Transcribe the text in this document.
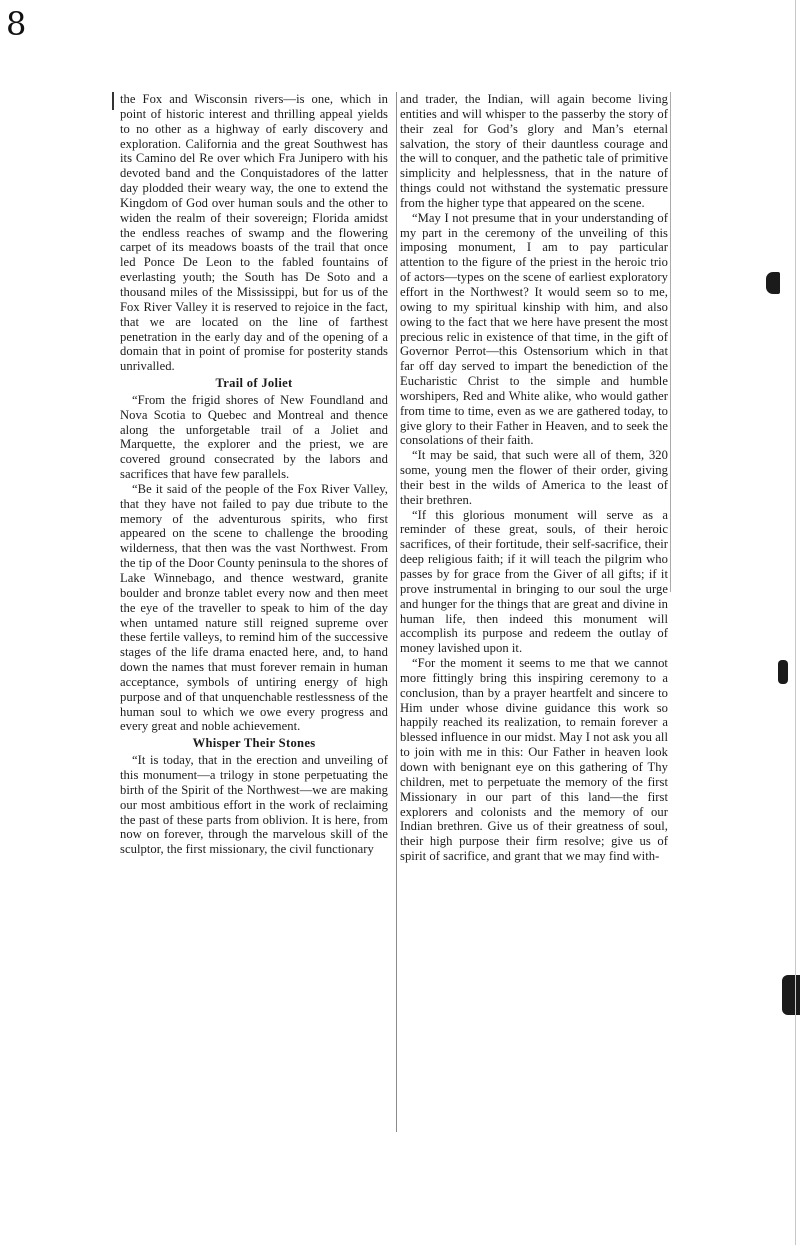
8

the Fox and Wisconsin rivers—is one, which in point of historic interest and thrilling appeal yields to no other as a highway of early discovery and exploration. California and the great Southwest has its Camino del Re over which Fra Junipero with his devoted band and the Conquistadores of the latter day plodded their weary way, the one to extend the Kingdom of God over human souls and the other to widen the realm of their sovereign; Florida amidst the endless reaches of swamp and the flowering carpet of its meadows boasts of the trail that once led Ponce De Leon to the fabled fountains of everlasting youth; the South has De Soto and a thousand miles of the Mississippi, but for us of the Fox River Valley it is reserved to rejoice in the fact, that we are located on the line of farthest penetration in the early day and of the opening of a domain that in point of promise for posterity stands unrivalled.

Trail of Joliet

“From the frigid shores of New Foundland and Nova Scotia to Quebec and Montreal and thence along the unforgetable trail of a Joliet and Marquette, the explorer and the priest, we are covered ground consecrated by the labors and sacrifices that have few parallels.

“Be it said of the people of the Fox River Valley, that they have not failed to pay due tribute to the memory of the adventurous spirits, who first appeared on the scene to challenge the brooding wilderness, that then was the vast Northwest. From the tip of the Door County peninsula to the shores of Lake Winnebago, and thence westward, granite boulder and bronze tablet every now and then meet the eye of the traveller to speak to him of the day when untamed nature still reigned supreme over these fertile valleys, to remind him of the successive stages of the life drama enacted here, and, to hand down the names that must forever remain in human acceptance, symbols of untiring energy of high purpose and of that unquenchable restlessness of the human soul to which we owe every progress and every great and noble achievement.

Whisper Their Stones

“It is today, that in the erection and unveiling of this monument—a trilogy in stone perpetuating the birth of the Spirit of the Northwest—we are making our most ambitious effort in the work of reclaiming the past of these parts from oblivion. It is here, from now on forever, through the marvelous skill of the sculptor, the first missionary, the civil functionary

and trader, the Indian, will again become living entities and will whisper to the passerby the story of their zeal for God’s glory and Man’s eternal salvation, the story of their dauntless courage and the will to conquer, and the pathetic tale of primitive simplicity and helplessness, that in the nature of things could not withstand the systematic pressure from the higher type that appeared on the scene.

“May I not presume that in your understanding of my part in the ceremony of the unveiling of this imposing monument, I am to pay particular attention to the figure of the priest in the heroic trio of actors—types on the scene of earliest exploratory effort in the Northwest? It would seem so to me, owing to my spiritual kinship with him, and also owing to the fact that we here have present the most precious relic in existence of that time, in the gift of Governor Perrot—this Ostensorium which in that far off day served to impart the benediction of the Eucharistic Christ to the simple and humble worshipers, Red and White alike, who would gather from time to time, even as we are gathered today, to give glory to their Father in Heaven, and to seek the consolations of their faith.

“It may be said, that such were all of them, 320 some, young men the flower of their order, giving their best in the wilds of America to the least of their brethren.

“If this glorious monument will serve as a reminder of these great, souls, of their heroic sacrifices, of their fortitude, their self-sacrifice, their deep religious faith; if it will teach the pilgrim who passes by for grace from the Giver of all gifts; if it prove instrumental in bringing to our soul the urge and hunger for the things that are great and divine in human life, then indeed this monument will accomplish its purpose and redeem the outlay of money lavished upon it.

“For the moment it seems to me that we cannot more fittingly bring this inspiring ceremony to a conclusion, than by a prayer heartfelt and sincere to Him under whose divine guidance this work so happily reached its realization, to remain forever a blessed influence in our midst. May I not ask you all to join with me in this: Our Father in heaven look down with benignant eye on this gathering of Thy children, met to perpetuate the memory of the first Missionary in our part of this land—the first explorers and colonists and the memory of our Indian brethren. Give us of their greatness of soul, their high purpose their firm resolve; give us of spirit of sacrifice, and grant that we may find with-
